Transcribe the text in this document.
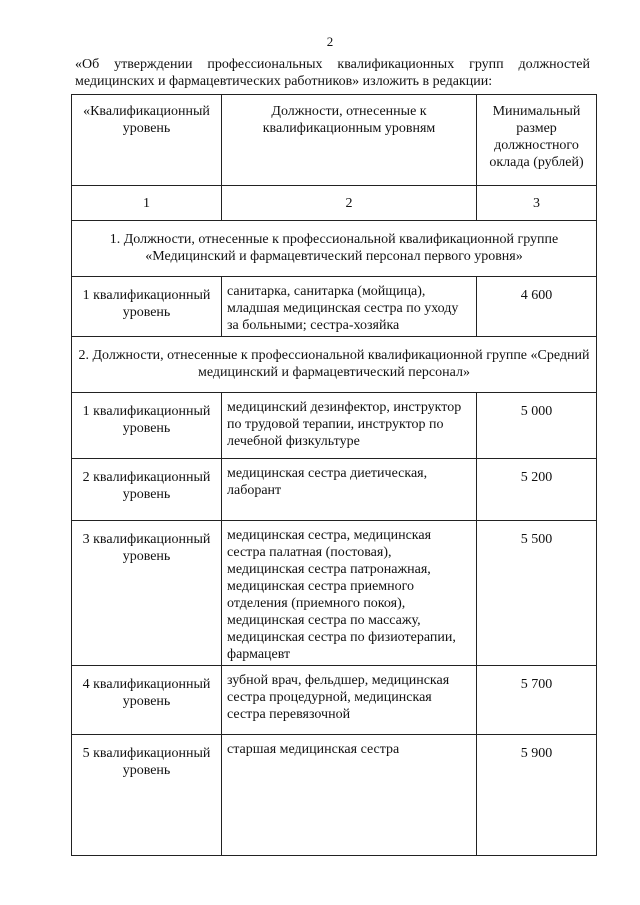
2
«Об утверждении профессиональных квалификационных групп должностей медицинских и фармацевтических работников» изложить в редакции:
«Квалификационный уровень	Должности, отнесенные к квалификационным уровням	Минимальный размер должностного оклада (рублей)
1	2	3
1. Должности, отнесенные к профессиональной квалификационной группе «Медицинский и фармацевтический персонал первого уровня»		
1 квалификационный уровень	санитарка, санитарка (мойщица), младшая медицинская сестра по уходу за больными; сестра-хозяйка	4 600
2. Должности, отнесенные к профессиональной квалификационной группе «Средний медицинский и фармацевтический персонал»		
1 квалификационный уровень	медицинский дезинфектор, инструктор по трудовой терапии, инструктор по лечебной физкультуре	5 000
2 квалификационный уровень	медицинская сестра диетическая, лаборант	5 200
3 квалификационный уровень	медицинская сестра, медицинская сестра палатная (постовая), медицинская сестра патронажная, медицинская сестра приемного отделения (приемного покоя), медицинская сестра по массажу, медицинская сестра по физиотерапии, фармацевт	5 500
4 квалификационный уровень	зубной врач, фельдшер, медицинская сестра процедурной, медицинская сестра перевязочной	5 700
5 квалификационный уровень	старшая медицинская сестра	5 900
